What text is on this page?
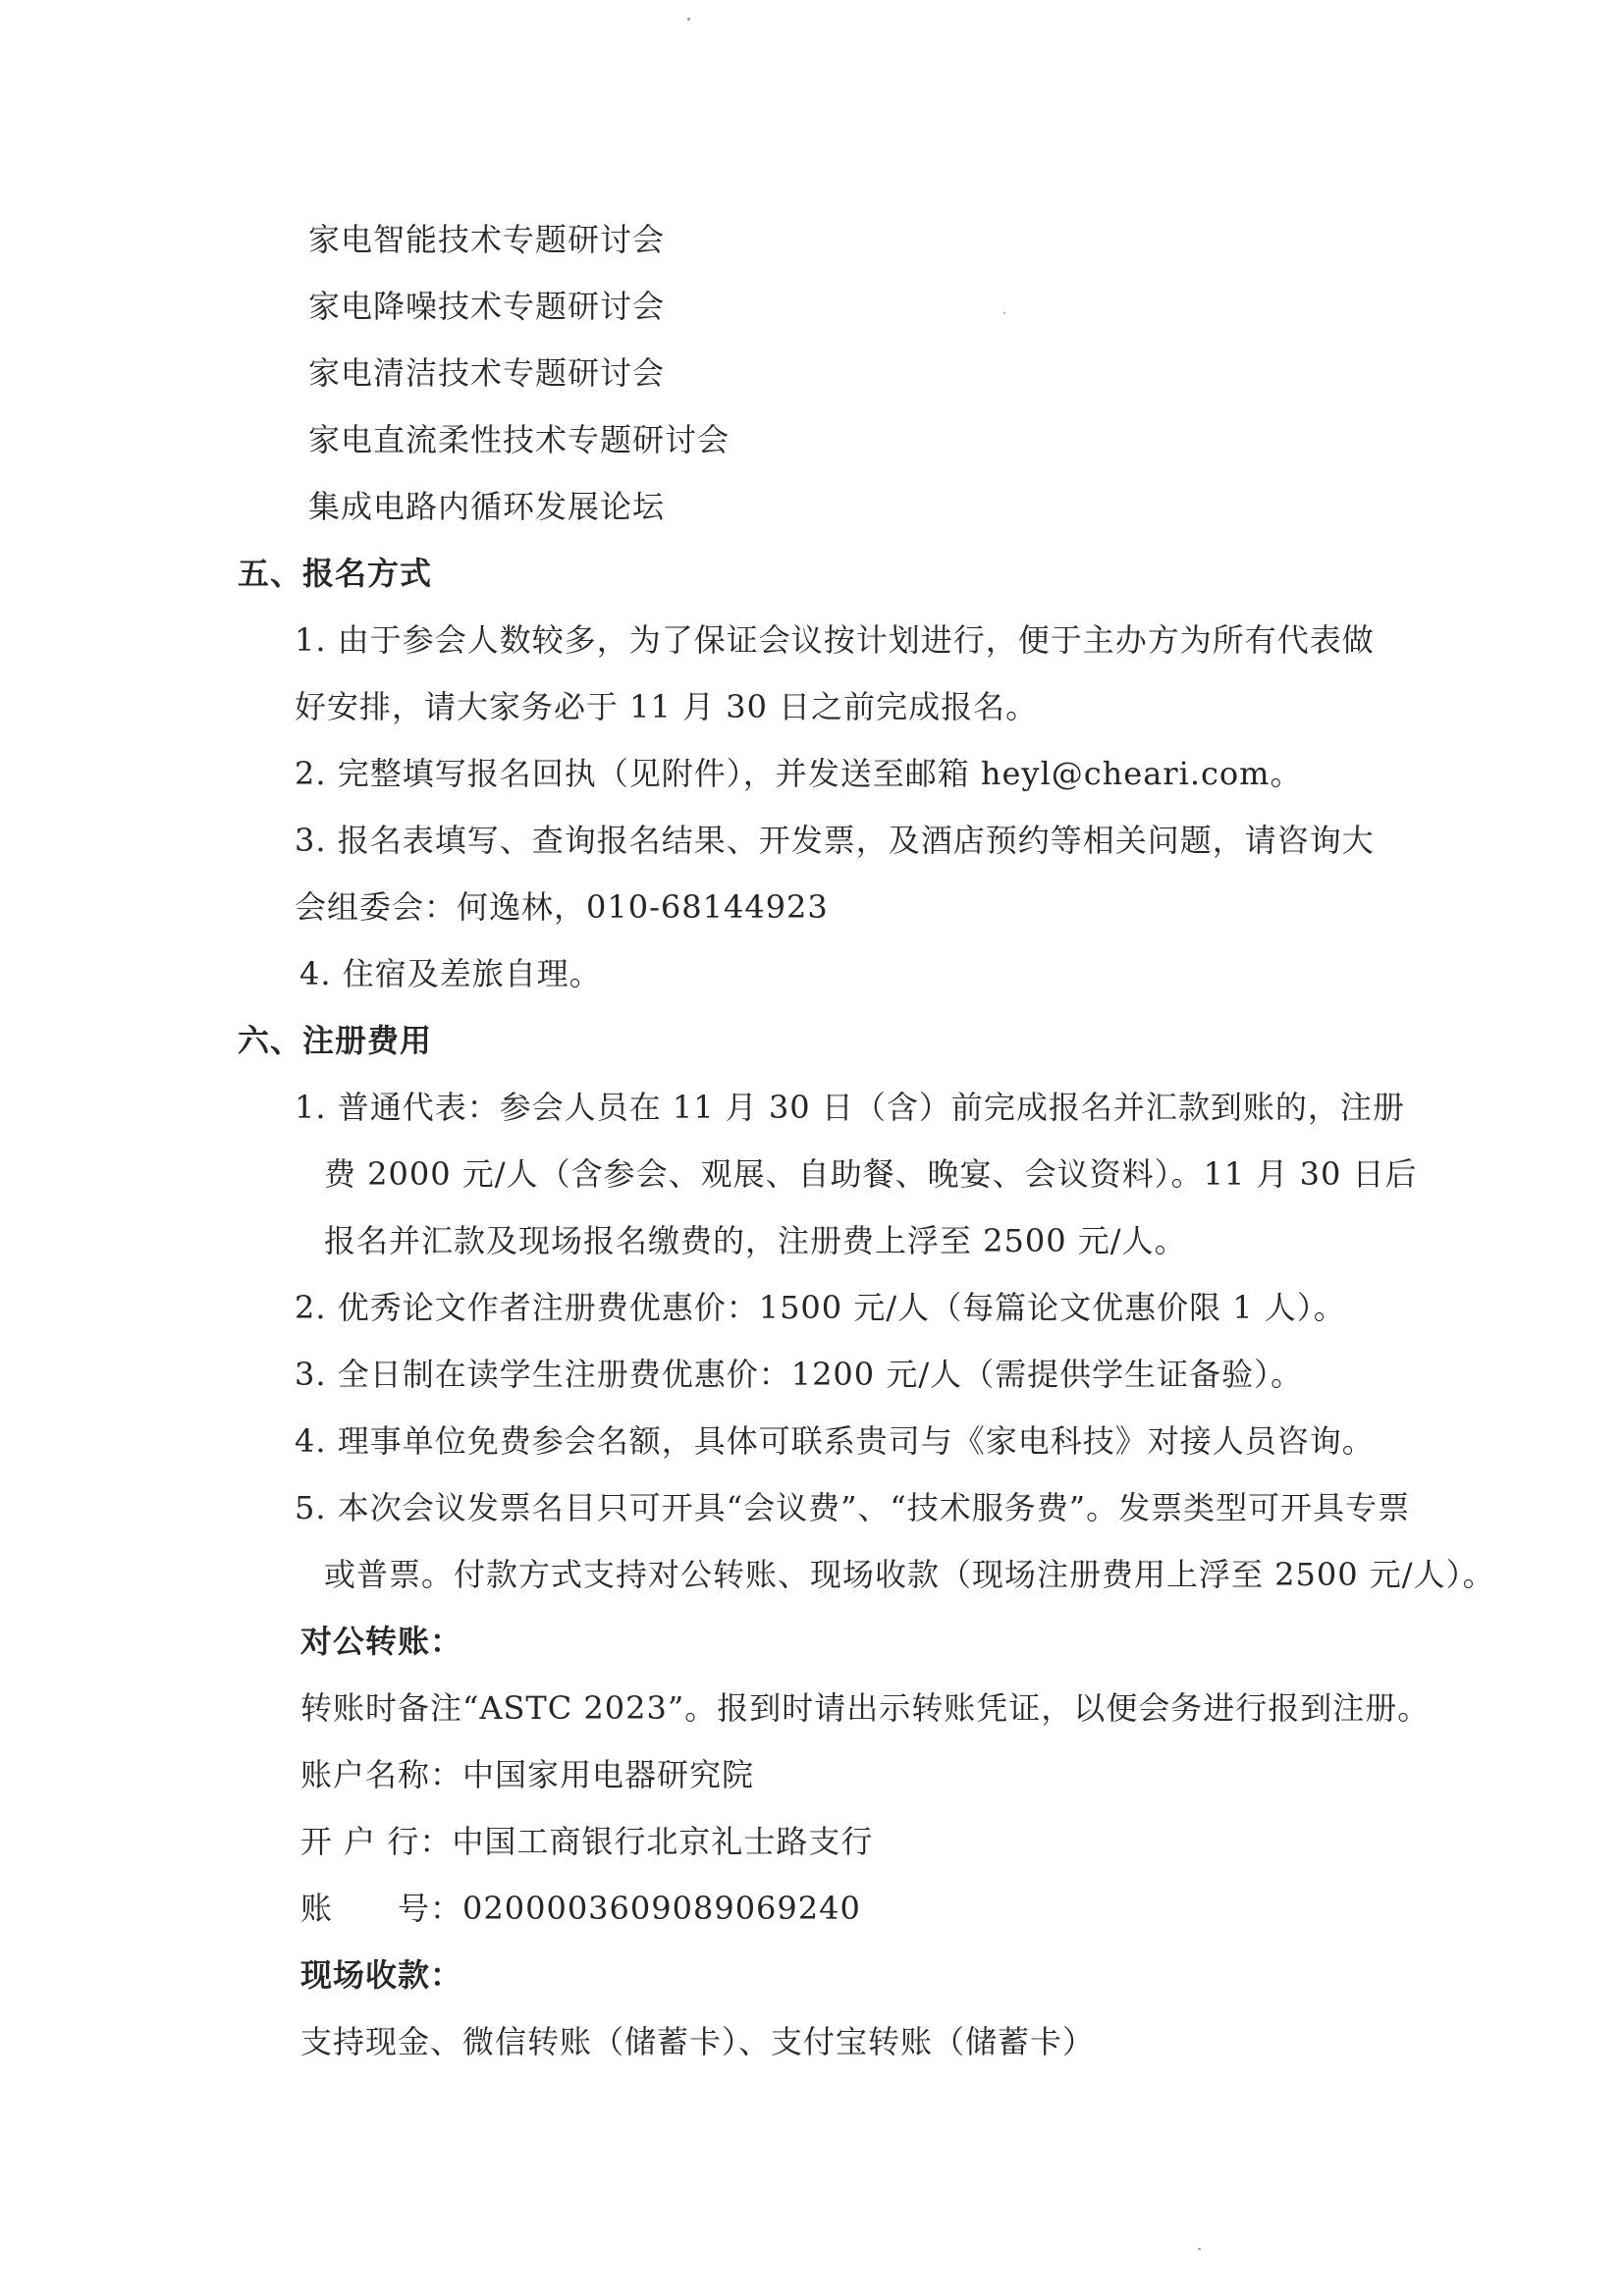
家电智能技术专题研讨会
家电降噪技术专题研讨会
家电清洁技术专题研讨会
家电直流柔性技术专题研讨会
集成电路内循环发展论坛
五、报名方式
1. 由于参会人数较多，为了保证会议按计划进行，便于主办方为所有代表做
好安排，请大家务必于 11 月 30 日之前完成报名。
2. 完整填写报名回执（见附件），并发送至邮箱 heyl@cheari.com。
3. 报名表填写、查询报名结果、开发票，及酒店预约等相关问题，请咨询大
会组委会：何逸林，010-68144923
4. 住宿及差旅自理。
六、注册费用
1. 普通代表：参会人员在 11 月 30 日（含）前完成报名并汇款到账的，注册
费 2000 元/人（含参会、观展、自助餐、晚宴、会议资料）。11 月 30 日后
报名并汇款及现场报名缴费的，注册费上浮至 2500 元/人。
2. 优秀论文作者注册费优惠价：1500 元/人（每篇论文优惠价限 1 人）。
3. 全日制在读学生注册费优惠价：1200 元/人（需提供学生证备验）。
4. 理事单位免费参会名额，具体可联系贵司与《家电科技》对接人员咨询。
5. 本次会议发票名目只可开具“会议费”、“技术服务费”。发票类型可开具专票
或普票。付款方式支持对公转账、现场收款（现场注册费用上浮至 2500 元/人）。
对公转账：
转账时备注“ASTC 2023”。报到时请出示转账凭证，以便会务进行报到注册。
账户名称：中国家用电器研究院
开 户 行：中国工商银行北京礼士路支行
账　　号：0200003609089069240
现场收款：
支持现金、微信转账（储蓄卡）、支付宝转账（储蓄卡）
